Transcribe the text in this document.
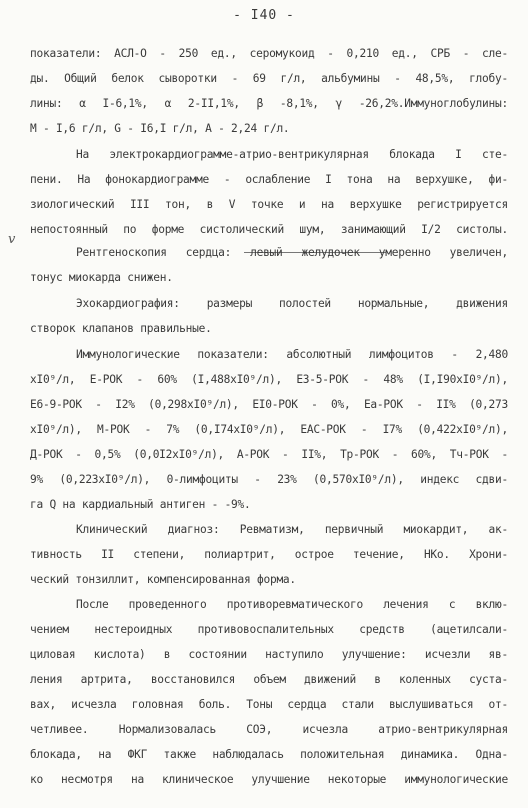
- I40 -
v
показатели: АСЛ-О - 250 ед., серомукоид - 0,210 ед., СРБ - сле-
ды. Общий белок сыворотки - 69 г/л, альбумины - 48,5%, глобу-
лины: α I-6,1%, α 2-II,1%, β -8,1%, γ -26,2%.Иммуноглобулины:
М - I,6 г/л, G - I6,I г/л, А - 2,24 г/л.
На электрокардиограмме-атрио-вентрикулярная блокада I сте-
пени. На фонокардиограмме - ослабление I тона на верхушке, фи-
зиологический III тон, в V точке и на верхушке регистрируется
непостоянный по форме систолический шум, занимающий I/2 систолы.
Рентгеноскопия сердца: левый желудочек умеренно увеличен,
тонус миокарда снижен.
Эхокардиография: размеры полостей нормальные, движения
створок клапанов правильные.
Иммунологические показатели: абсолютный лимфоцитов - 2,480
xI0⁹/л, Е-РОК - 60% (I,488xI0⁹/л), Е3-5-РОК - 48% (I,I90xI0⁹/л),
Е6-9-РОК - I2% (0,298xI0⁹/л), ЕI0-РОК - 0%, Еа-РОК - II% (0,273
xI0⁹/л), М-РОК - 7% (0,I74xI0⁹/л), ЕАС-РОК - I7% (0,422xI0⁹/л),
Д-РОК - 0,5% (0,0I2xI0⁹/л), А-РОК - II%, Тр-РОК - 60%, Тч-РОК -
9% (0,223xI0⁹/л), 0-лимфоциты - 23% (0,570xI0⁹/л), индекс сдви-
га Q на кардиальный антиген - -9%.
Клинический диагноз: Ревматизм, первичный миокардит, ак-
тивность II степени, полиартрит, острое течение, НКо. Хрони-
ческий тонзиллит, компенсированная форма.
После проведенного противоревматического лечения с вклю-
чением нестероидных противовоспалительных средств (ацетилсали-
циловая кислота) в состоянии наступило улучшение: исчезли яв-
ления артрита, восстановился объем движений в коленных суста-
вах, исчезла головная боль. Тоны сердца стали выслушиваться от-
четливее. Нормализовалась СОЭ, исчезла атрио-вентрикулярная
блокада, на ФКГ также наблюдалась положительная динамика. Одна-
ко несмотря на клиническое улучшение некоторые иммунологические
